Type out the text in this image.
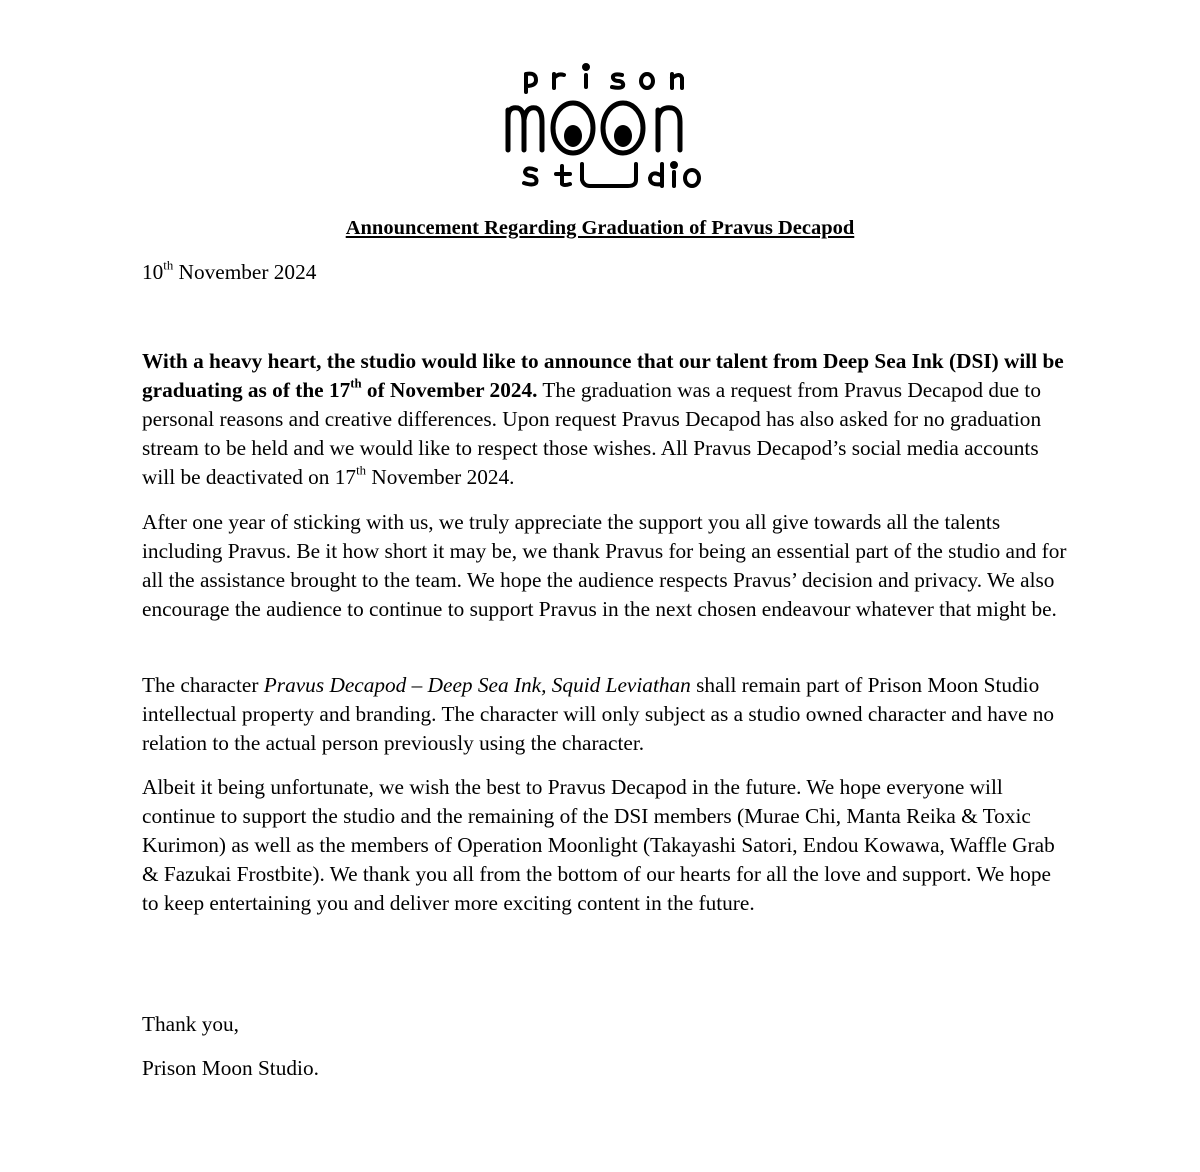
Announcement Regarding Graduation of Pravus Decapod
10th November 2024

With a heavy heart, the studio would like to announce that our talent from Deep Sea Ink (DSI) will be graduating as of the 17th of November 2024. The graduation was a request from Pravus Decapod due to personal reasons and creative differences. Upon request Pravus Decapod has also asked for no graduation stream to be held and we would like to respect those wishes. All Pravus Decapod’s social media accounts will be deactivated on 17th November 2024.

After one year of sticking with us, we truly appreciate the support you all give towards all the talents including Pravus. Be it how short it may be, we thank Pravus for being an essential part of the studio and for all the assistance brought to the team. We hope the audience respects Pravus’ decision and privacy. We also encourage the audience to continue to support Pravus in the next chosen endeavour whatever that might be.

The character Pravus Decapod – Deep Sea Ink, Squid Leviathan shall remain part of Prison Moon Studio intellectual property and branding. The character will only subject as a studio owned character and have no relation to the actual person previously using the character.

Albeit it being unfortunate, we wish the best to Pravus Decapod in the future. We hope everyone will continue to support the studio and the remaining of the DSI members (Murae Chi, Manta Reika & Toxic Kurimon) as well as the members of Operation Moonlight (Takayashi Satori, Endou Kowawa, Waffle Grab & Fazukai Frostbite). We thank you all from the bottom of our hearts for all the love and support. We hope to keep entertaining you and deliver more exciting content in the future.

Thank you,
Prison Moon Studio.
